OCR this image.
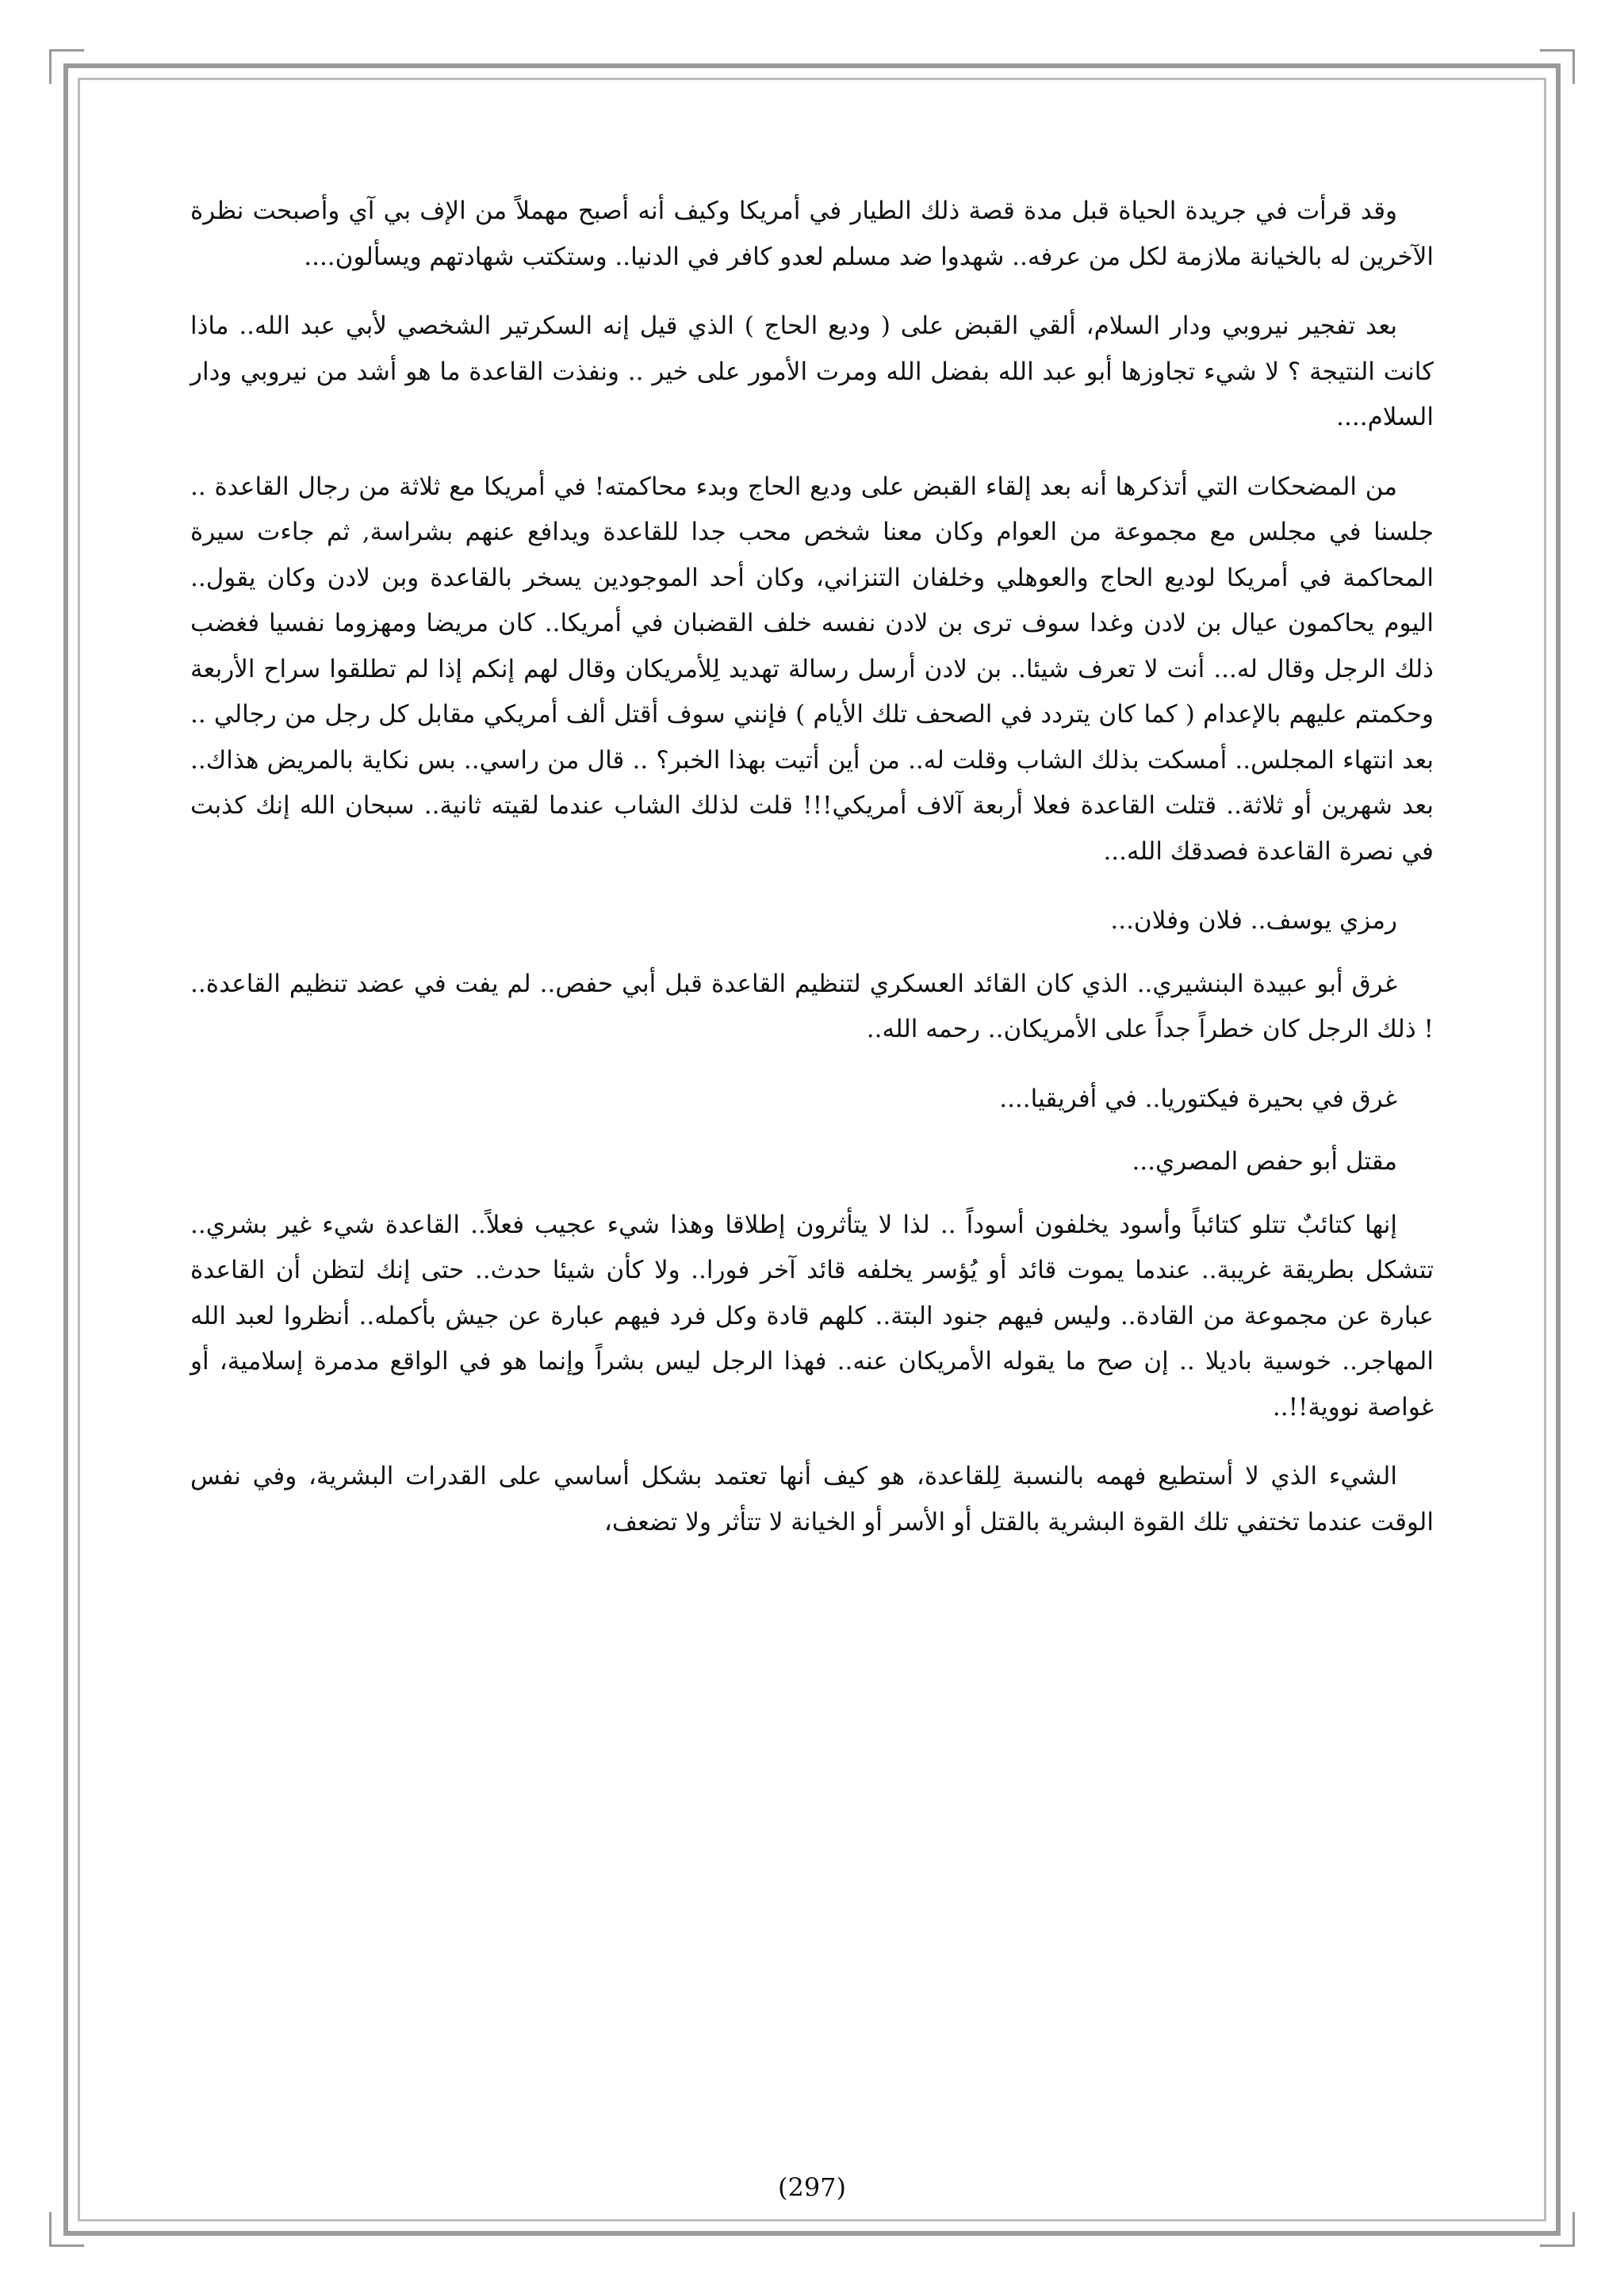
وقد قرأت في جريدة الحياة قبل مدة قصة ذلك الطيار في أمريكا وكيف أنه أصبح مهملاً من الإف بي آي وأصبحت نظرة الآخرين له بالخيانة ملازمة لكل من عرفه.. شهدوا ضد مسلم لعدو كافر في الدنيا.. وستكتب شهادتهم ويسألون....

بعد تفجير نيروبي ودار السلام، ألقي القبض على ( وديع الحاج ) الذي قيل إنه السكرتير الشخصي لأبي عبد الله.. ماذا كانت النتيجة ؟ لا شيء تجاوزها أبو عبد الله بفضل الله ومرت الأمور على خير .. ونفذت القاعدة ما هو أشد من نيروبي ودار السلام....

من المضحكات التي أتذكرها أنه بعد إلقاء القبض على وديع الحاج وبدء محاكمته! في أمريكا مع ثلاثة من رجال القاعدة .. جلسنا في مجلس مع مجموعة من العوام وكان معنا شخص محب جدا للقاعدة ويدافع عنهم بشراسة, ثم جاءت سيرة المحاكمة في أمريكا لوديع الحاج والعوهلي وخلفان التنزاني، وكان أحد الموجودين يسخر بالقاعدة وبن لادن وكان يقول.. اليوم يحاكمون عيال بن لادن وغدا سوف ترى بن لادن نفسه خلف القضبان في أمريكا.. كان مريضا ومهزوما نفسيا فغضب ذلك الرجل وقال له... أنت لا تعرف شيئا.. بن لادن أرسل رسالة تهديد لِلأمريكان وقال لهم إنكم إذا لم تطلقوا سراح الأربعة وحكمتم عليهم بالإعدام ( كما كان يتردد في الصحف تلك الأيام ) فإنني سوف أقتل ألف أمريكي مقابل كل رجل من رجالي .. بعد انتهاء المجلس.. أمسكت بذلك الشاب وقلت له.. من أين أتيت بهذا الخبر؟ .. قال من راسي.. بس نكاية بالمريض هذاك.. بعد شهرين أو ثلاثة.. قتلت القاعدة فعلا أربعة آلاف أمريكي!!! قلت لذلك الشاب عندما لقيته ثانية.. سبحان الله إنك كذبت في نصرة القاعدة فصدقك الله...

رمزي يوسف.. فلان وفلان...

غرق أبو عبيدة البنشيري.. الذي كان القائد العسكري لتنظيم القاعدة قبل أبي حفص.. لم يفت في عضد تنظيم القاعدة.. ! ذلك الرجل كان خطراً جداً على الأمريكان.. رحمه الله..

غرق في بحيرة فيكتوريا.. في أفريقيا....

مقتل أبو حفص المصري...

إنها كتائبٌ تتلو كتائباً وأسود يخلفون أسوداً .. لذا لا يتأثرون إطلاقا وهذا شيء عجيب فعلاً.. القاعدة شيء غير بشري.. تتشكل بطريقة غريبة.. عندما يموت قائد أو يُؤسر يخلفه قائد آخر فورا.. ولا كأن شيئا حدث.. حتى إنك لتظن أن القاعدة عبارة عن مجموعة من القادة.. وليس فيهم جنود البتة.. كلهم قادة وكل فرد فيهم عبارة عن جيش بأكمله.. أنظروا لعبد الله المهاجر.. خوسية باديلا .. إن صح ما يقوله الأمريكان عنه.. فهذا الرجل ليس بشراً وإنما هو في الواقع مدمرة إسلامية، أو غواصة نووية!!..

الشيء الذي لا أستطيع فهمه بالنسبة لِلقاعدة، هو كيف أنها تعتمد بشكل أساسي على القدرات البشرية، وفي نفس الوقت عندما تختفي تلك القوة البشرية بالقتل أو الأسر أو الخيانة لا تتأثر ولا تضعف،

(297)
